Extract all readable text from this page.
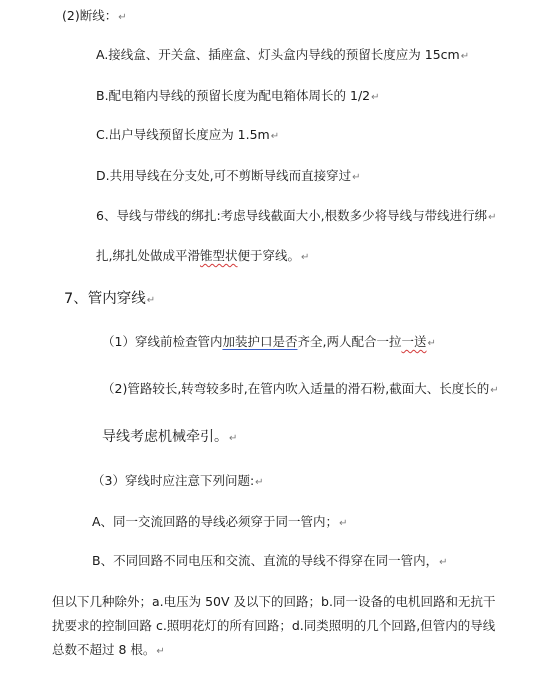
(2)断线：↵
A.接线盒、开关盒、插座盒、灯头盒内导线的预留长度应为 15cm↵
B.配电箱内导线的预留长度为配电箱体周长的 1/2↵
C.出户导线预留长度应为 1.5m↵
D.共用导线在分支处,可不剪断导线而直接穿过↵
6、导线与带线的绑扎:考虑导线截面大小,根数多少将导线与带线进行绑↵
扎,绑扎处做成平滑锥型状便于穿线。↵
7、管内穿线↵
（1）穿线前检查管内加装护口是否齐全,两人配合一拉一送↵
（2)管路较长,转弯较多时,在管内吹入适量的滑石粉,截面大、长度长的↵
导线考虑机械牵引。↵
（3）穿线时应注意下列问题:↵
A、同一交流回路的导线必须穿于同一管内；↵
B、不同回路不同电压和交流、直流的导线不得穿在同一管内，↵
但以下几种除外；a.电压为 50V 及以下的回路；b.同一设备的电机回路和无抗干
扰要求的控制回路 c.照明花灯的所有回路；d.同类照明的几个回路,但管内的导线
总数不超过 8 根。↵
